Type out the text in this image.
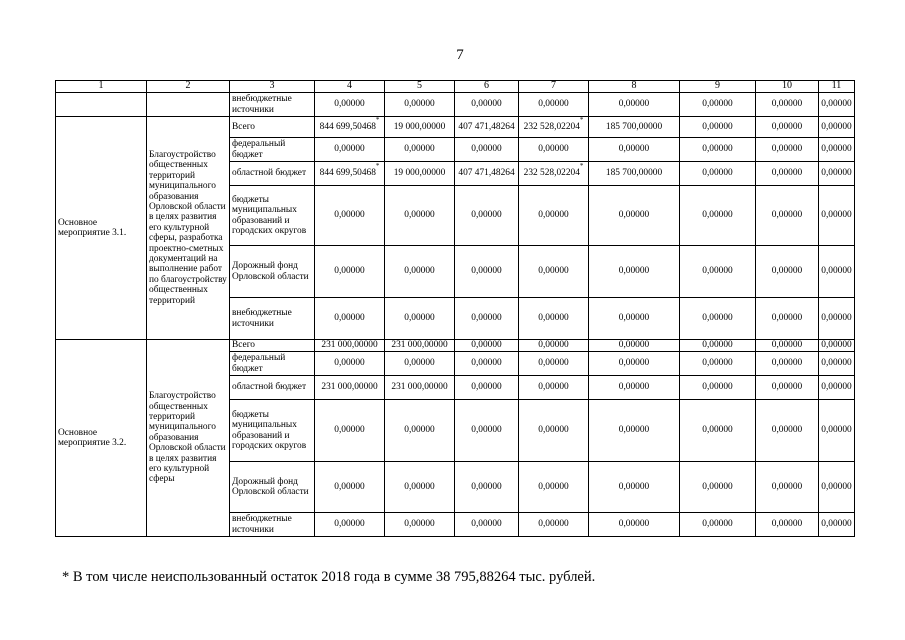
7
1	2	3	4	5	6	7	8	9	10	11
		внебюджетные источники	0,00000	0,00000	0,00000	0,00000	0,00000	0,00000	0,00000	0,00000
Основное мероприятие 3.1.	Благоустройство общественных территорий муниципального образования Орловской области в целях развития его культурной сферы, разработка проектно-сметных документаций на выполнение работ по благоустройству общественных территорий	Всего	844 699,50468*	19 000,00000	407 471,48264	232 528,02204*	185 700,00000	0,00000	0,00000	0,00000
		федеральный бюджет	0,00000	0,00000	0,00000	0,00000	0,00000	0,00000	0,00000	0,00000
		областной бюджет	844 699,50468*	19 000,00000	407 471,48264	232 528,02204*	185 700,00000	0,00000	0,00000	0,00000
		бюджеты муниципальных образований и городских округов	0,00000	0,00000	0,00000	0,00000	0,00000	0,00000	0,00000	0,00000
		Дорожный фонд Орловской области	0,00000	0,00000	0,00000	0,00000	0,00000	0,00000	0,00000	0,00000
		внебюджетные источники	0,00000	0,00000	0,00000	0,00000	0,00000	0,00000	0,00000	0,00000
Основное мероприятие 3.2.	Благоустройство общественных территорий муниципального образования Орловской области в целях развития его культурной сферы	Всего	231 000,00000	231 000,00000	0,00000	0,00000	0,00000	0,00000	0,00000	0,00000
		федеральный бюджет	0,00000	0,00000	0,00000	0,00000	0,00000	0,00000	0,00000	0,00000
		областной бюджет	231 000,00000	231 000,00000	0,00000	0,00000	0,00000	0,00000	0,00000	0,00000
		бюджеты муниципальных образований и городских округов	0,00000	0,00000	0,00000	0,00000	0,00000	0,00000	0,00000	0,00000
		Дорожный фонд Орловской области	0,00000	0,00000	0,00000	0,00000	0,00000	0,00000	0,00000	0,00000
		внебюджетные источники	0,00000	0,00000	0,00000	0,00000	0,00000	0,00000	0,00000	0,00000
* В том числе неиспользованный остаток 2018 года в сумме 38 795,88264 тыс. рублей.
